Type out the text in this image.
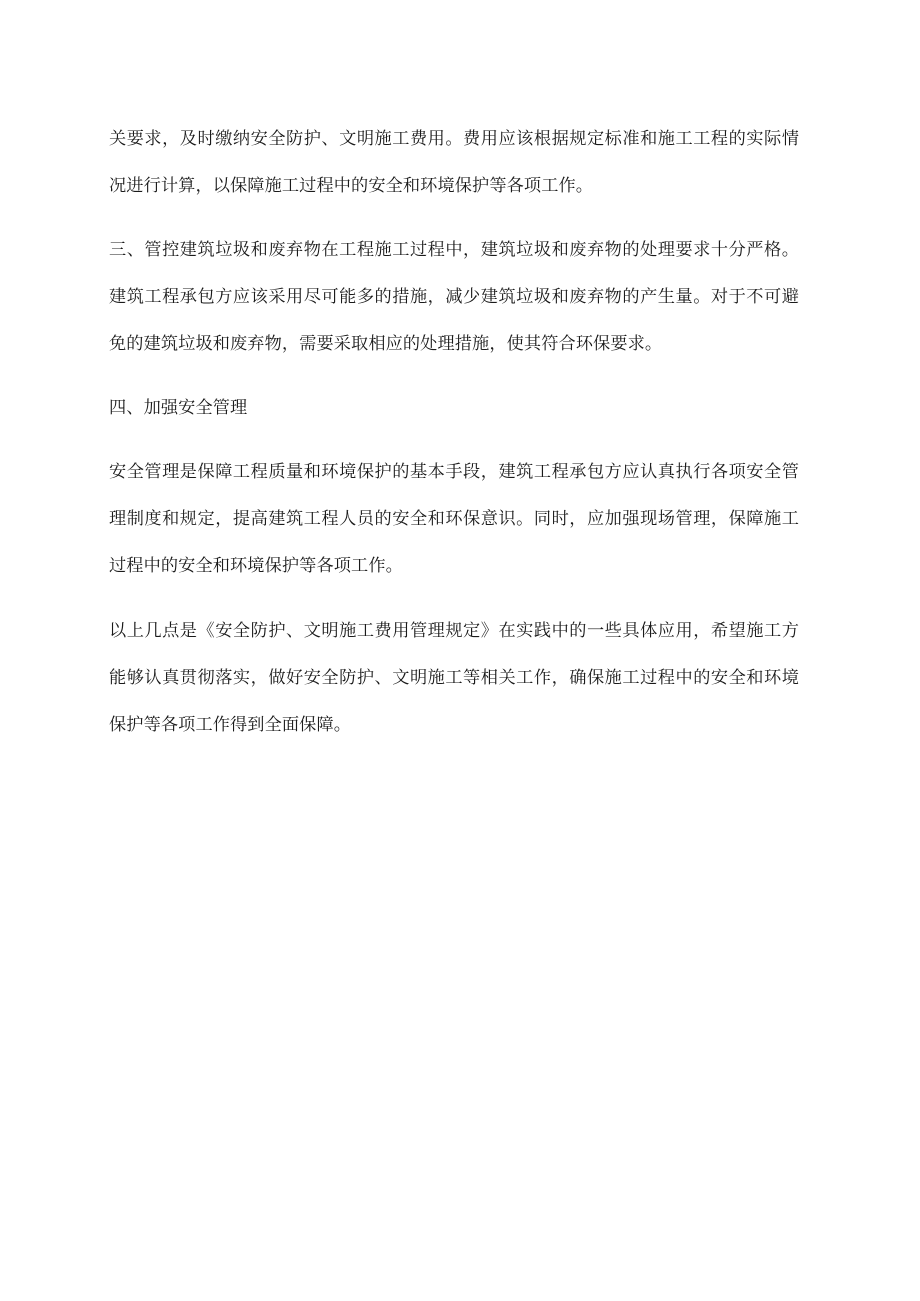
关要求，及时缴纳安全防护、文明施工费用。费用应该根据规定标准和施工工程的实际情况进行计算，以保障施工过程中的安全和环境保护等各项工作。

三、管控建筑垃圾和废弃物在工程施工过程中，建筑垃圾和废弃物的处理要求十分严格。建筑工程承包方应该采用尽可能多的措施，减少建筑垃圾和废弃物的产生量。对于不可避免的建筑垃圾和废弃物，需要采取相应的处理措施，使其符合环保要求。

四、加强安全管理

安全管理是保障工程质量和环境保护的基本手段，建筑工程承包方应认真执行各项安全管理制度和规定，提高建筑工程人员的安全和环保意识。同时，应加强现场管理，保障施工过程中的安全和环境保护等各项工作。

以上几点是《安全防护、文明施工费用管理规定》在实践中的一些具体应用，希望施工方能够认真贯彻落实，做好安全防护、文明施工等相关工作，确保施工过程中的安全和环境保护等各项工作得到全面保障。
